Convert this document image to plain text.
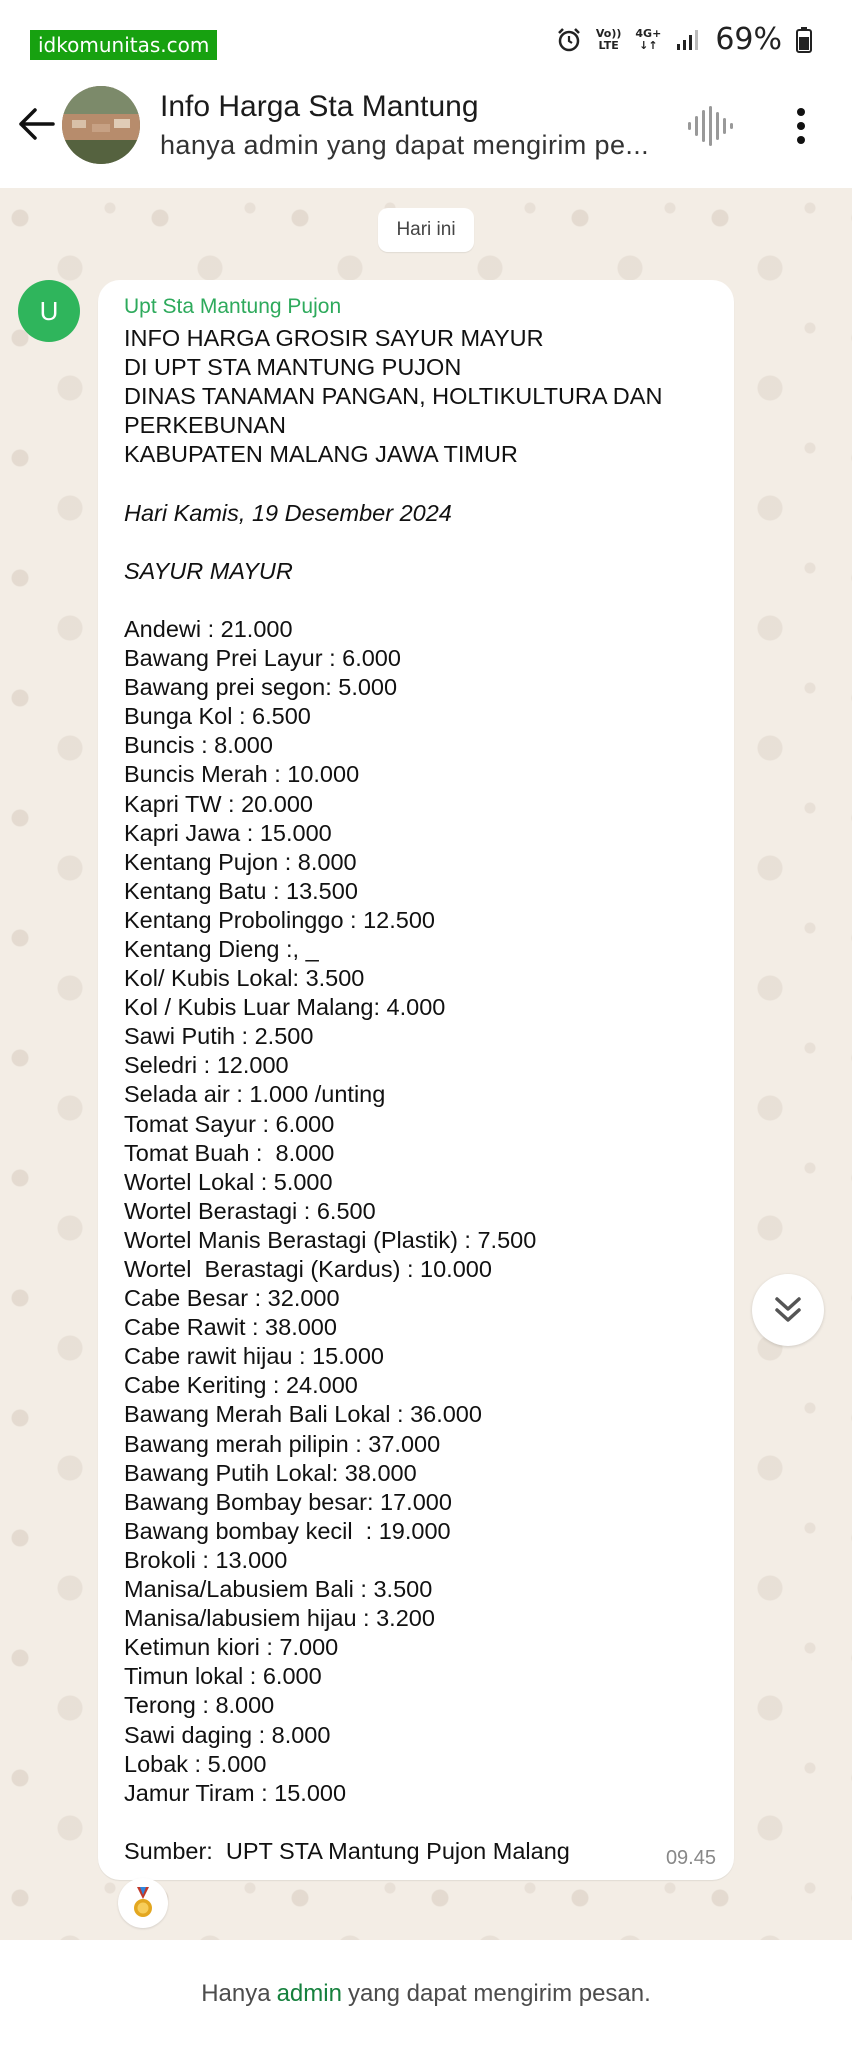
idkomunitas.com	Vo))
LTE
4G+
↓↑ 69%
Info Harga Sta Mantung
hanya admin yang dapat mengirim pe...
Hari ini
U	Upt Sta Mantung Pujon
INFO HARGA GROSIR SAYUR MAYUR
DI UPT STA MANTUNG PUJON
DINAS TANAMAN PANGAN, HOLTIKULTURA DAN
PERKEBUNAN
KABUPATEN MALANG JAWA TIMUR
Hari Kamis, 19 Desember 2024
SAYUR MAYUR
Andewi : 21.000
Bawang Prei Layur : 6.000
Bawang prei segon: 5.000
Bunga Kol : 6.500
Buncis : 8.000
Buncis Merah : 10.000
Kapri TW : 20.000
Kapri Jawa : 15.000
Kentang Pujon : 8.000
Kentang Batu : 13.500
Kentang Probolinggo : 12.500
Kentang Dieng :, _
Kol/ Kubis Lokal: 3.500
Kol / Kubis Luar Malang: 4.000
Sawi Putih : 2.500
Seledri : 12.000
Selada air : 1.000 /unting
Tomat Sayur : 6.000
Tomat Buah :  8.000
Wortel Lokal : 5.000
Wortel Berastagi : 6.500
Wortel Manis Berastagi (Plastik) : 7.500
Wortel  Berastagi (Kardus) : 10.000
Cabe Besar : 32.000
Cabe Rawit : 38.000
Cabe rawit hijau : 15.000
Cabe Keriting : 24.000
Bawang Merah Bali Lokal : 36.000
Bawang merah pilipin : 37.000
Bawang Putih Lokal: 38.000
Bawang Bombay besar: 17.000
Bawang bombay kecil  : 19.000
Brokoli : 13.000
Manisa/Labusiem Bali : 3.500
Manisa/labusiem hijau : 3.200
Ketimun kiori : 7.000
Timun lokal : 6.000
Terong : 8.000
Sawi daging : 8.000
Lobak : 5.000
Jamur Tiram : 15.000
Sumber:  UPT STA Mantung Pujon Malang	09.45
Hanya admin yang dapat mengirim pesan.
